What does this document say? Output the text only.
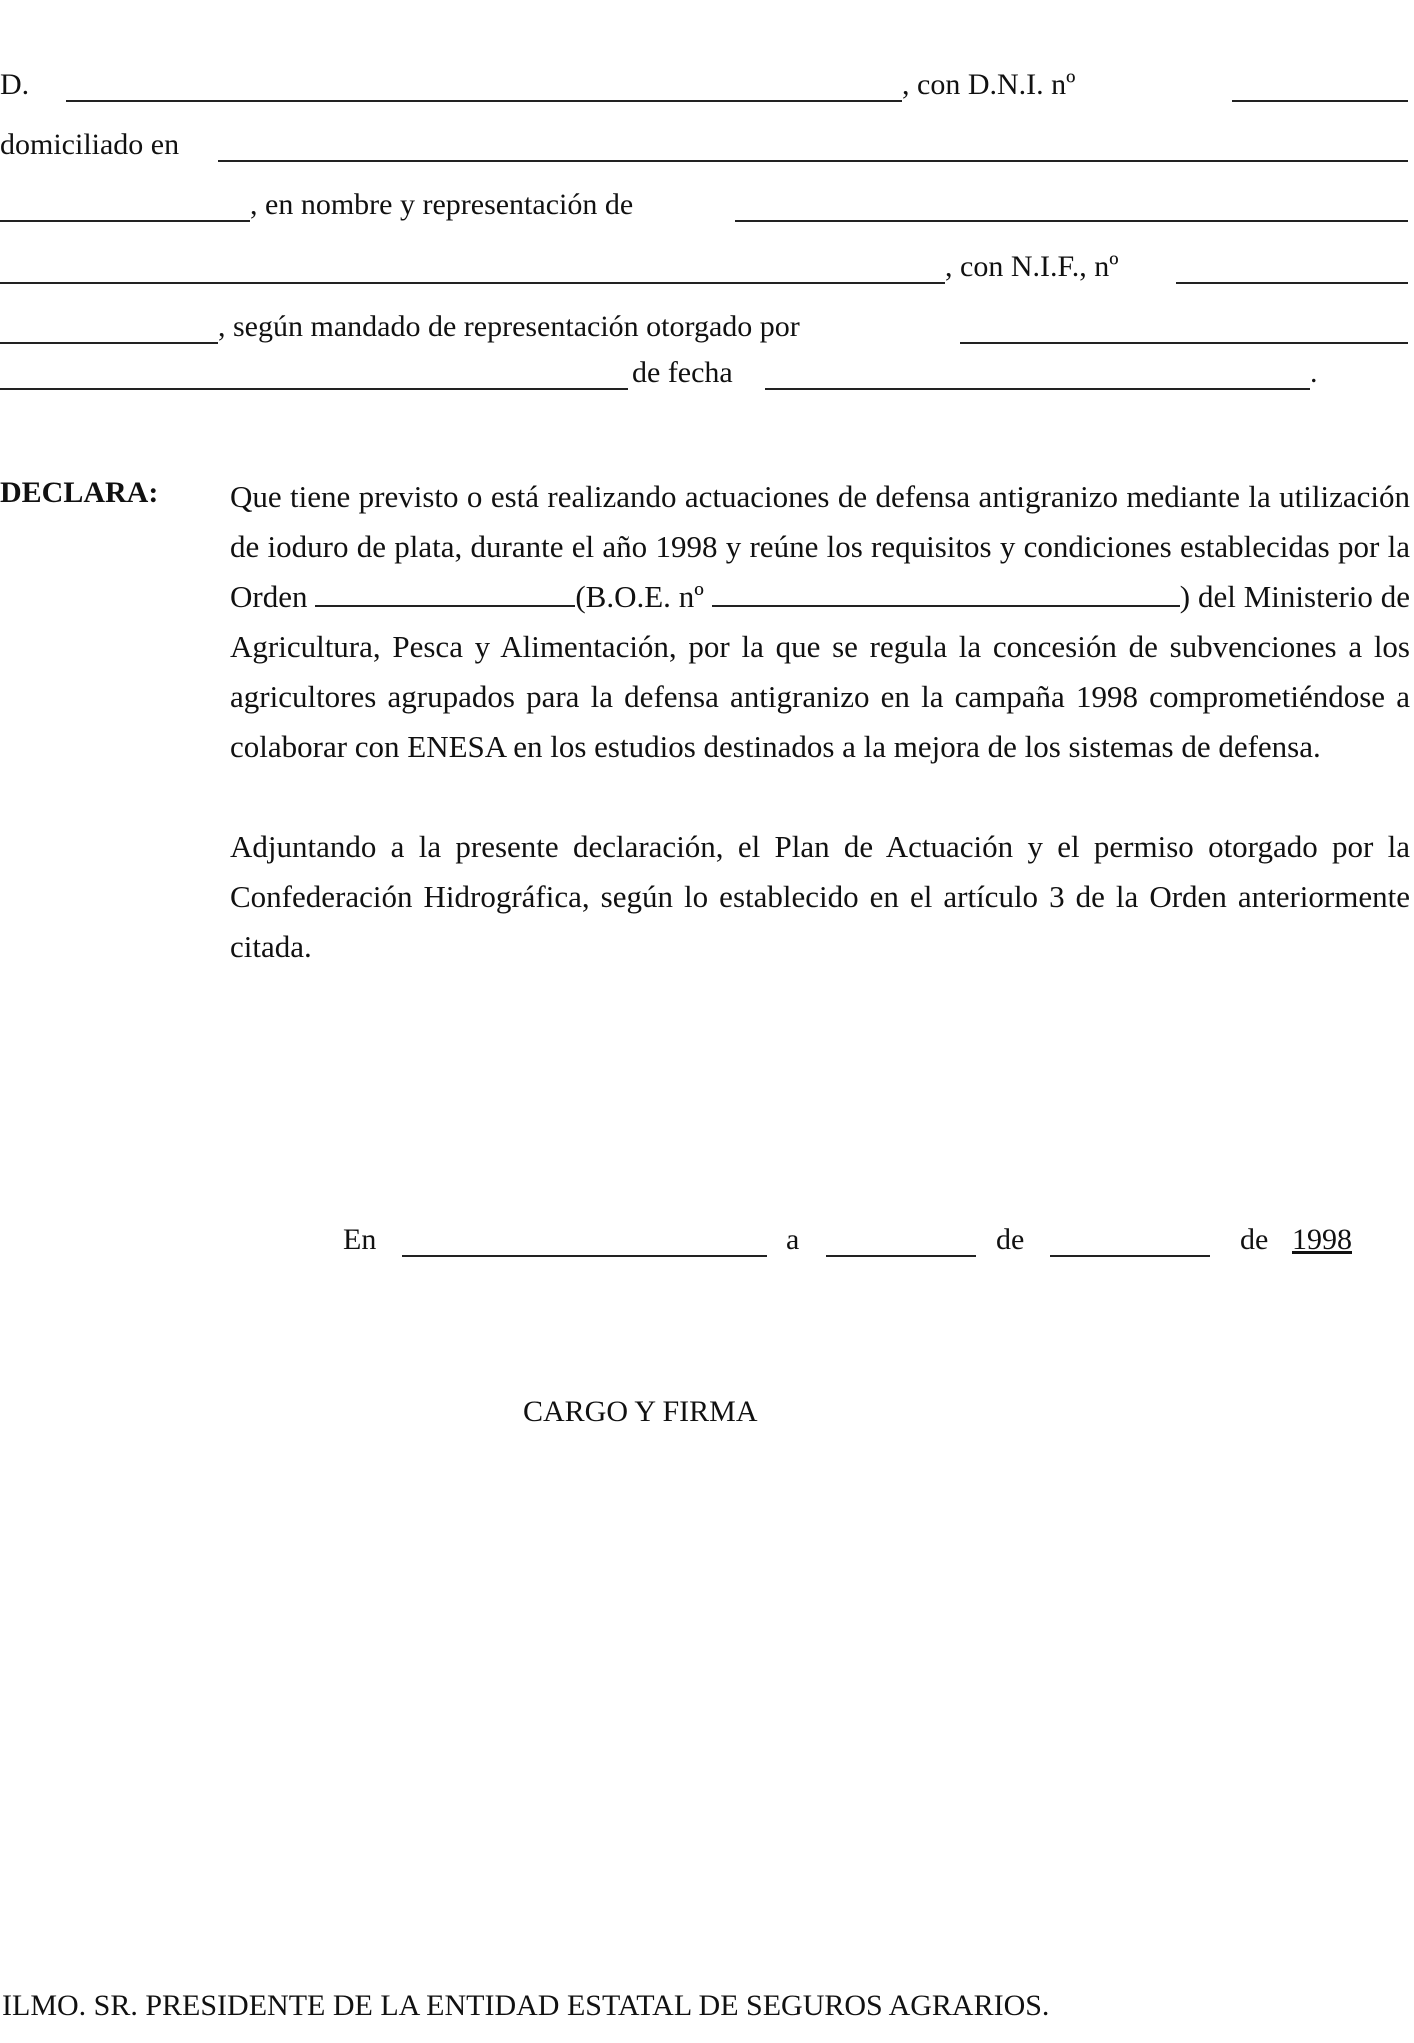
D.	, con D.N.I. nº
domiciliado en
, en nombre y representación de
, con N.I.F., nº
, según mandado de representación otorgado por
de fecha	.
DECLARA: Que tiene previsto o está realizando actuaciones de defensa antigranizo mediante la utilización de ioduro de plata, durante el año 1998 y reúne los requisitos y condiciones establecidas por la Orden	(B.O.E. nº	) del Ministerio de Agricultura, Pesca y Alimentación, por la que se regula la concesión de subvenciones a los agricultores agrupados para la defensa antigranizo en la campaña 1998 comprometiéndose a colaborar con ENESA en los estudios destinados a la mejora de los sistemas de defensa.

Adjuntando a la presente declaración, el Plan de Actuación y el permiso otorgado por la Confederación Hidrográfica, según lo establecido en el artículo 3 de la Orden anteriormente citada.

En	a	de	de 1998
CARGO Y FIRMA
ILMO. SR. PRESIDENTE DE LA ENTIDAD ESTATAL DE SEGUROS AGRARIOS.
